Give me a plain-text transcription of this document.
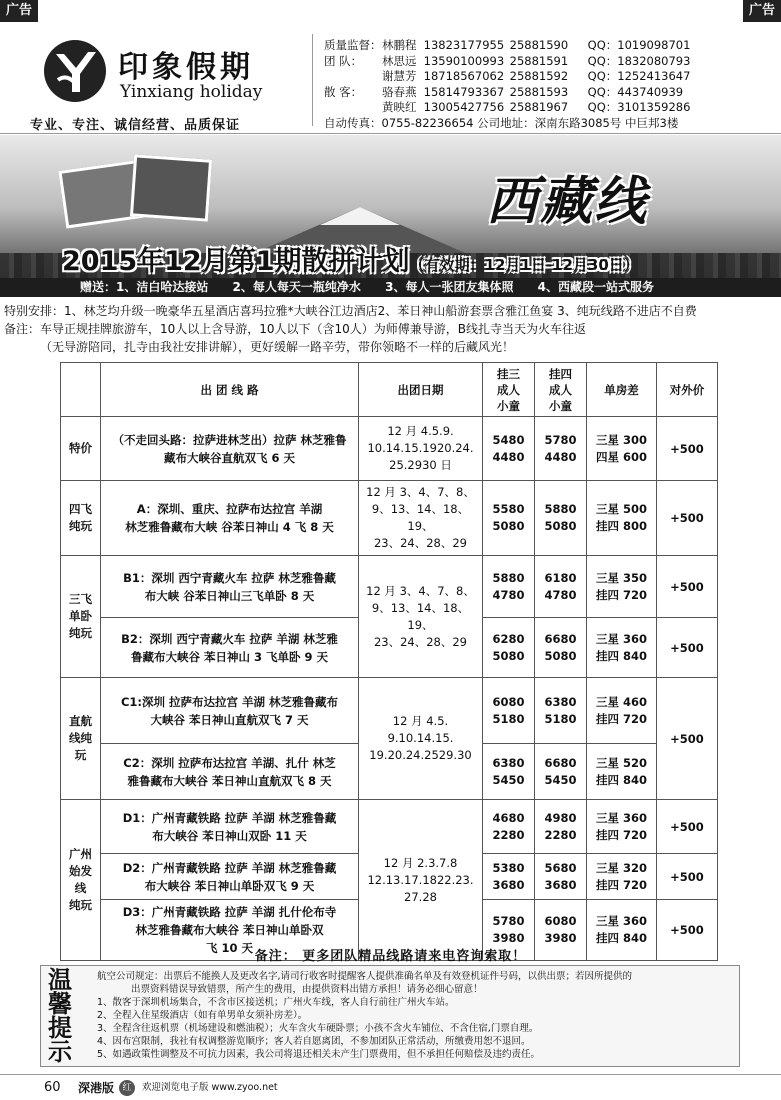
广告	广告
印象假期
Yinxiang holiday
专业、专注、诚信经营、品质保证
质量监督：林鹏程 13823177955 25881590 QQ：1019098701
团 队： 林思远 13590100993 25881591 QQ：1832080793
谢慧芳 18718567062 25881592 QQ：1252413647
散 客： 骆春燕 15814793367 25881593 QQ：443740939
黄映红 13005427756 25881967 QQ：3101359286
自动传真：0755-82236654 公司地址：深南东路3085号 中巨邦3楼
西藏线
2015年12月第1期散拼计划（有效期：12月1日-12月30日）
赠送：1、洁白哈达接站 2、每人每天一瓶纯净水 3、每人一张团友集体照 4、西藏段一站式服务
特别安排：1、林芝均升级一晚豪华五星酒店喜玛拉雅*大峡谷江边酒店2、苯日神山船游套票含雅江鱼宴 3、纯玩线路不进店不自费
备注：车导正规挂牌旅游车，10人以上含导游，10人以下（含10人）为师傅兼导游，B线扎寺当天为火车往返
（无导游陪同，扎寺由我社安排讲解），更好缓解一路辛劳，带你领略不一样的后藏风光！
	出 团 线 路	出团日期	挂三
成人
小童	挂四
成人
小童	单房差	对外价
特价	（不走回头路：拉萨进林芝出）拉萨 林芝雅鲁藏布大峡谷直航双飞 6 天	12 月 4.5.9.
10.14.15.1920.24.
25.2930 日	5480
4480	5780
4480	三星 300
四星 600	+500
四飞
纯玩	A：深圳、重庆、拉萨布达拉宫 羊湖
林芝雅鲁藏布大峡 谷苯日神山 4 飞 8 天	12 月 3、4、7、8、
9、13、14、18、19、
23、24、28、29	5580
5080	5880
5080	三星 500
挂四 800	+500
三飞
单卧
纯玩	B1：深圳 西宁青藏火车 拉萨 林芝雅鲁藏
布大峡 谷苯日神山三飞单卧 8 天	12 月 3、4、7、8、
9、13、14、18、19、
23、24、28、29	5880
4780	6180
4780	三星 350
挂四 720	+500

	B2：深圳 西宁青藏火车 拉萨 羊湖 林芝雅
鲁藏布大峡谷 苯日神山 3 飞单卧 9 天		6280
5080	6680
5080	三星 360
挂四 840	+500
直航
线纯
玩	C1:深圳 拉萨布达拉宫 羊湖 林芝雅鲁藏布
大峡谷 苯日神山直航双飞 7 天	12 月 4.5.
9.10.14.15.
19.20.24.2529.30	6080
5180	6380
5180	三星 460
挂四 720	+500

	C2：深圳 拉萨布达拉宫 羊湖、扎什 林芝
雅鲁藏布大峡谷 苯日神山直航双飞 8 天		6380
5450	6680
5450	三星 520
挂四 840	
广州
始发
线
纯玩	D1：广州青藏铁路 拉萨 羊湖 林芝雅鲁藏
布大峡谷 苯日神山双卧 11 天	12 月 2.3.7.8
12.13.17.1822.23.
27.28	4680
2280	4980
2280	三星 360
挂四 720	+500

	D2：广州青藏铁路 拉萨 羊湖 林芝雅鲁藏
布大峡谷 苯日神山单卧双飞 9 天		5380
3680	5680
3680	三星 320
挂四 720	+500

	D3：广州青藏铁路 拉萨 羊湖 扎什伦布寺
林芝雅鲁藏布大峡谷 苯日神山单卧双
飞 10 天		5780
3980	6080
3980	三星 360
挂四 840	+500
备注： 更多团队精品线路请来电咨询索取！
温
馨
提
示
航空公司规定：出票后不能换人及更改名字,请司行收客时提醒客人提供准确名单及有效登机证件号码，以供出票；若因所提供的
出票资料错误导致错票，所产生的费用，由提供资料出错方承担！请务必细心留意！
1、散客于深圳机场集合，不含市区接送机；广州火车线，客人自行前往广州火车站。
2、全程入住星级酒店（如有单男单女须补房差）。
3、全程含往返机票（机场建设和燃油税）；火车含火车硬卧票；小孩不含火车铺位、不含住宿,门票自理。
4、因布宫限制，我社有权调整游览顺序；客人若自愿离团，不参加团队正常活动，所缴费用恕不退回。
5、如遇政策性调整及不可抗力因素，我公司将退还相关未产生门票费用，但不承担任何赔偿及违约责任。
60 深港版 红	欢迎浏览电子版 www.zyoo.net
